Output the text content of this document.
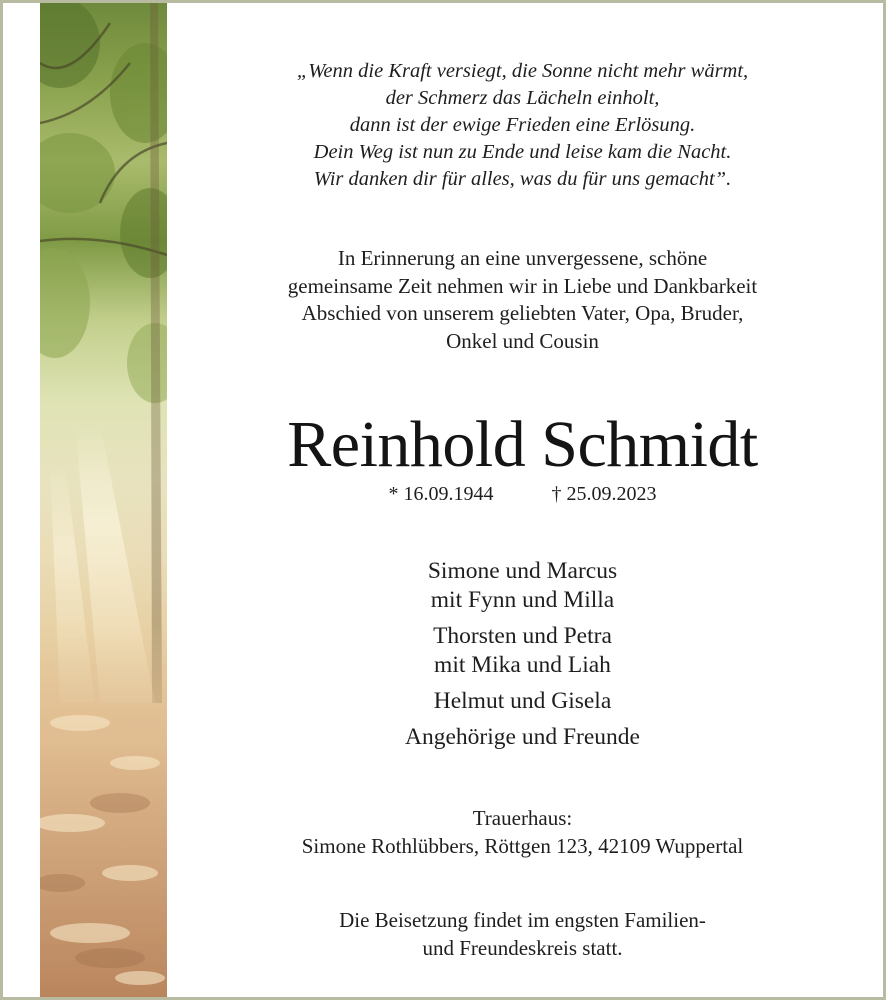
„Wenn die Kraft versiegt, die Sonne nicht mehr wärmt,
der Schmerz das Lächeln einholt,
dann ist der ewige Frieden eine Erlösung.
Dein Weg ist nun zu Ende und leise kam die Nacht.
Wir danken dir für alles, was du für uns gemacht”.
In Erinnerung an eine unvergessene, schöne
gemeinsame Zeit nehmen wir in Liebe und Dankbarkeit
Abschied von unserem geliebten Vater, Opa, Bruder,
Onkel und Cousin
Reinhold Schmidt
* 16.09.1944	† 25.09.2023
Simone und Marcus
mit Fynn und Milla
Thorsten und Petra
mit Mika und Liah
Helmut und Gisela
Angehörige und Freunde
Trauerhaus:
Simone Rothlübbers, Röttgen 123, 42109 Wuppertal
Die Beisetzung findet im engsten Familien-
und Freundeskreis statt.
